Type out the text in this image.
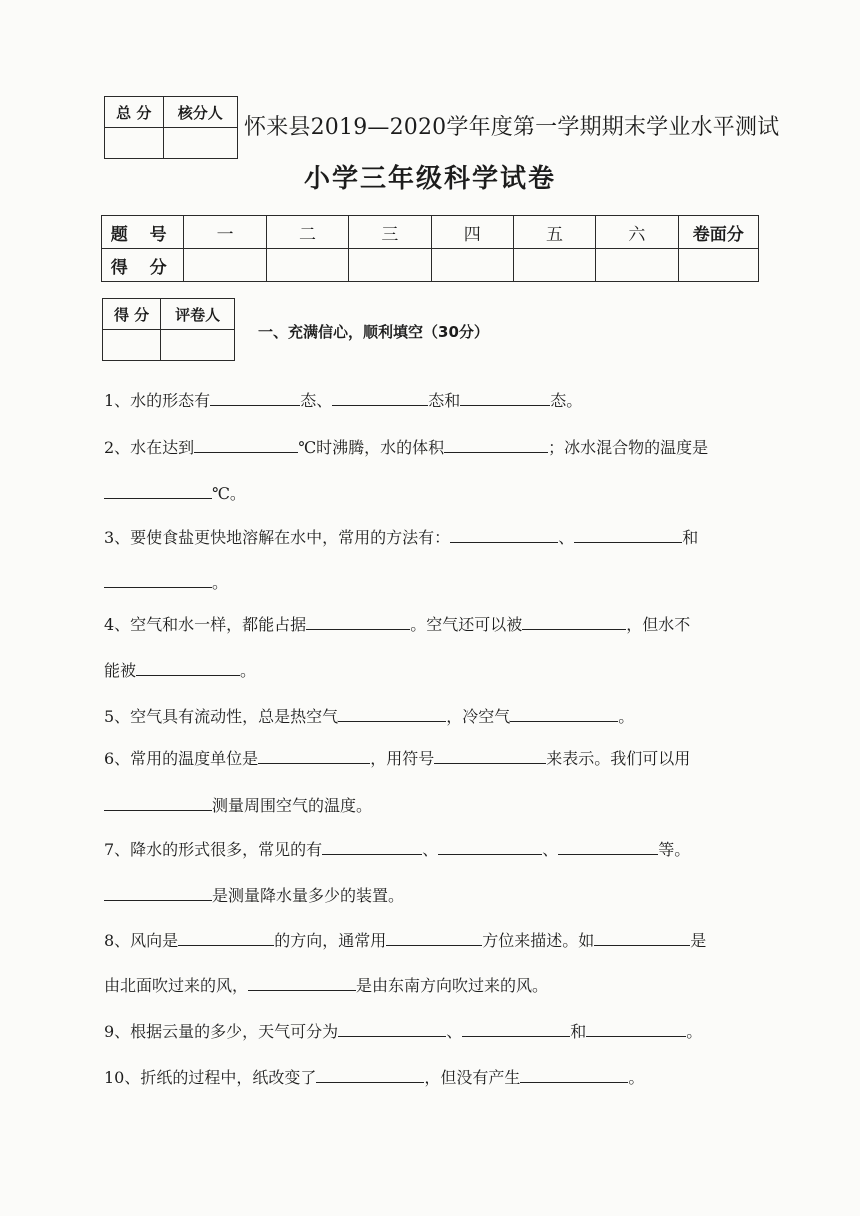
总 分	核分人

怀来县2019—2020学年度第一学期期末学业水平测试
小学三年级科学试卷
题 号	一	二	三	四	五	六	卷面分
得 分							
得 分	评卷人

一、充满信心，顺利填空（30分）
1、水的形态有	态、	态和	态。
2、水在达到	℃时沸腾，水的体积	；冰水混合物的温度是
℃。
3、要使食盐更快地溶解在水中，常用的方法有：	、	和
。
4、空气和水一样，都能占据	。空气还可以被	，但水不
能被	。
5、空气具有流动性，总是热空气	，冷空气	。
6、常用的温度单位是	，用符号	来表示。我们可以用
测量周围空气的温度。
7、降水的形式很多，常见的有	、	、	等。
是测量降水量多少的装置。
8、风向是	的方向，通常用	方位来描述。如	是
由北面吹过来的风，	是由东南方向吹过来的风。
9、根据云量的多少，天气可分为	、	和	。
10、折纸的过程中，纸改变了	，但没有产生	。
